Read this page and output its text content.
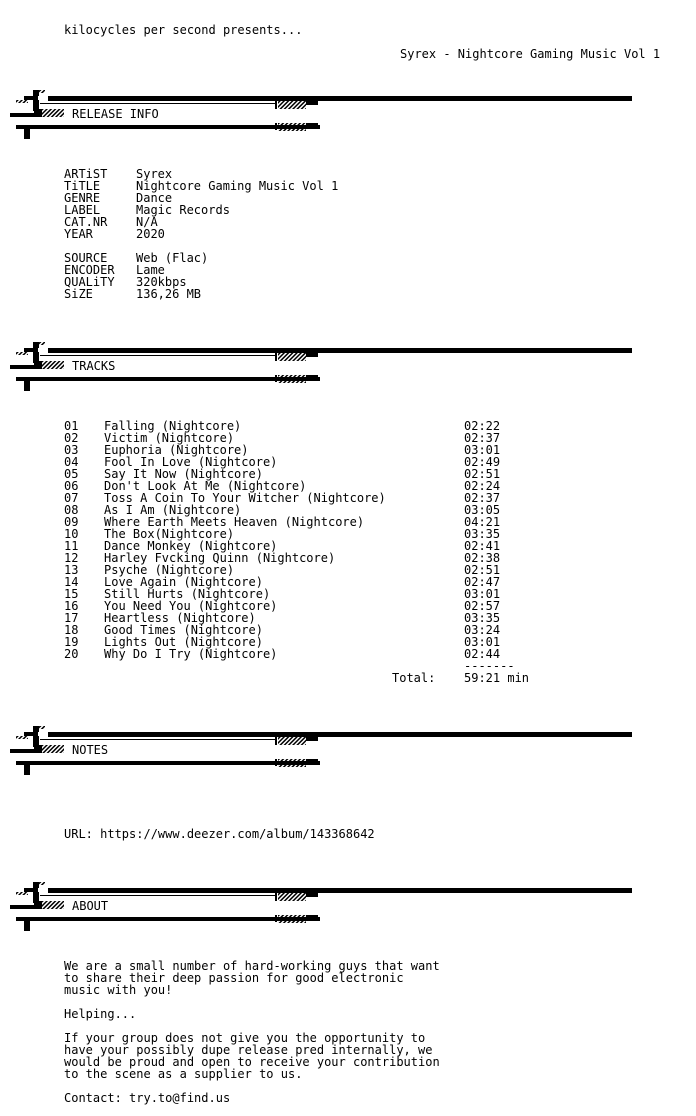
kilocycles per second presents...
Syrex - Nightcore Gaming Music Vol 1
RELEASE INFO
ARTiST Syrex
TiTLE	Nightcore Gaming Music Vol 1
GENRE	Dance
LABEL	Magic Records
CAT.NR N/A
YEAR	2020
SOURCE Web (Flac)
ENCODER Lame
QUALiTY 320kbps
SiZE	136,26 MB
TRACKS
01 Falling (Nightcore)	02:22
02 Victim (Nightcore)	02:37
03 Euphoria (Nightcore)	03:01
04 Fool In Love (Nightcore)	02:49
05 Say It Now (Nightcore)	02:51
06 Don't Look At Me (Nightcore)	02:24
07 Toss A Coin To Your Witcher (Nightcore)	02:37
08 As I Am (Nightcore)	03:05
09 Where Earth Meets Heaven (Nightcore)	04:21
10 The Box(Nightcore)	03:35
11 Dance Monkey (Nightcore)	02:41
12 Harley Fvcking Quinn (Nightcore)	02:38
13 Psyche (Nightcore)	02:51
14 Love Again (Nightcore)	02:47
15 Still Hurts (Nightcore)	03:01
16 You Need You (Nightcore)	02:57
17 Heartless (Nightcore)	03:35
18 Good Times (Nightcore)	03:24
19 Lights Out (Nightcore)	03:01
20 Why Do I Try (Nightcore)	02:44
-------
Total: 59:21 min
NOTES
URL: https://www.deezer.com/album/143368642
ABOUT
We are a small number of hard-working guys that want
to share their deep passion for good electronic
music with you!
Helping...
If your group does not give you the opportunity to
have your possibly dupe release pred internally, we
would be proud and open to receive your contribution
to the scene as a supplier to us.
Contact: try.to@find.us
